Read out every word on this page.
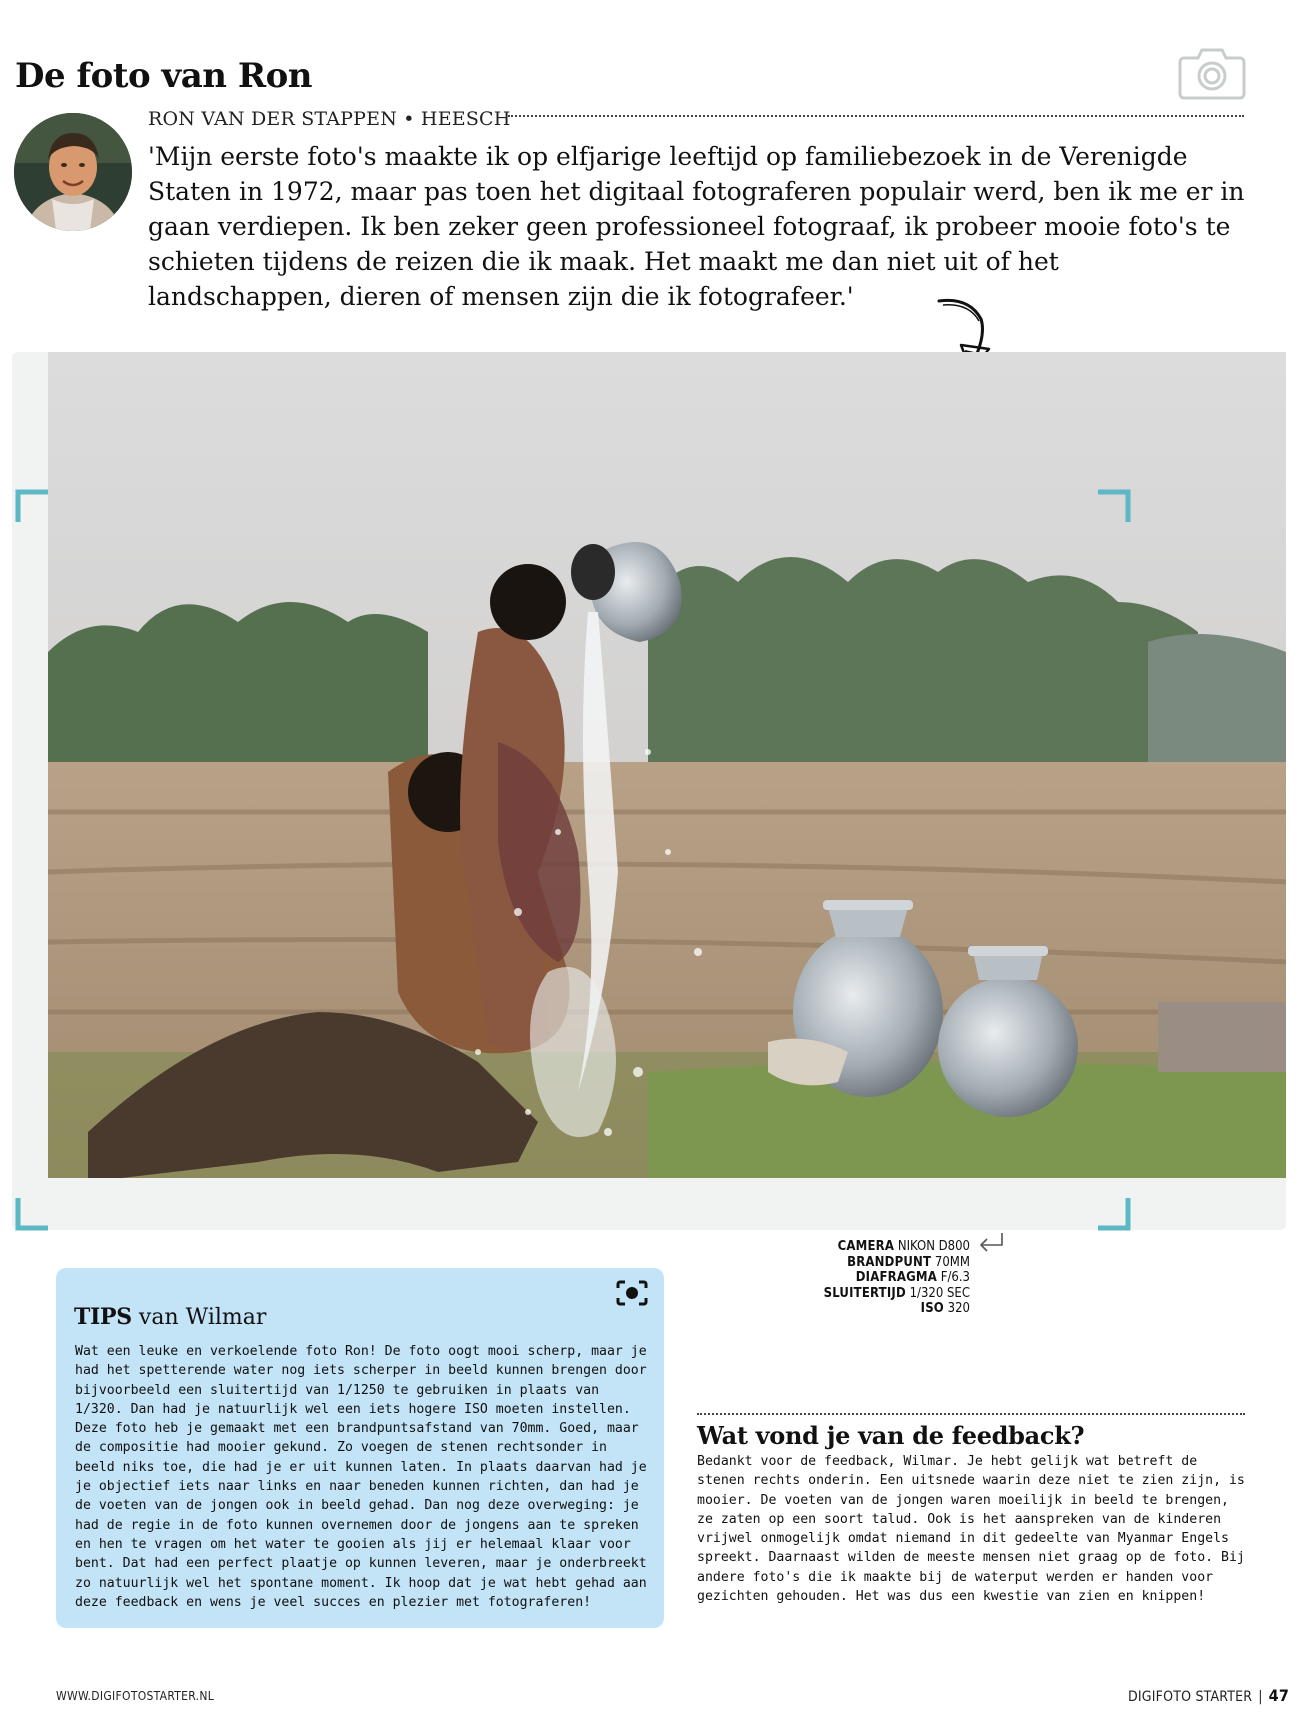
De foto van Ron
RON VAN DER STAPPEN • HEESCH

'Mijn eerste foto's maakte ik op elfjarige leeftijd op familiebezoek in de Verenigde Staten in 1972, maar pas toen het digitaal fotograferen populair werd, ben ik me er in gaan verdiepen. Ik ben zeker geen professioneel fotograaf, ik probeer mooie foto's te schieten tijdens de reizen die ik maak. Het maakt me dan niet uit of het landschappen, dieren of mensen zijn die ik fotografeer.'

CAMERA NIKON D800
BRANDPUNT 70MM
DIAFRAGMA F/6.3
SLUITERTIJD 1/320 SEC
ISO 320
TIPS van Wilmar

Wat een leuke en verkoelende foto Ron! De foto oogt mooi scherp, maar je had het spetterende water nog iets scherper in beeld kunnen brengen door bijvoorbeeld een sluitertijd van 1/1250 te gebruiken in plaats van 1/320. Dan had je natuurlijk wel een iets hogere ISO moeten instellen. Deze foto heb je gemaakt met een brandpuntsafstand van 70mm. Goed, maar de compositie had mooier gekund. Zo voegen de stenen rechtsonder in beeld niks toe, die had je er uit kunnen laten. In plaats daarvan had je je objectief iets naar links en naar beneden kunnen richten, dan had je de voeten van de jongen ook in beeld gehad. Dan nog deze overweging: je had de regie in de foto kunnen overnemen door de jongens aan te spreken en hen te vragen om het water te gooien als jij er helemaal klaar voor bent. Dat had een perfect plaatje op kunnen leveren, maar je onderbreekt zo natuurlijk wel het spontane moment. Ik hoop dat je wat hebt gehad aan deze feedback en wens je veel succes en plezier met fotograferen!

Wat vond je van de feedback?

Bedankt voor de feedback, Wilmar. Je hebt gelijk wat betreft de stenen rechts onderin. Een uitsnede waarin deze niet te zien zijn, is mooier. De voeten van de jongen waren moeilijk in beeld te brengen, ze zaten op een soort talud. Ook is het aanspreken van de kinderen vrijwel onmogelijk omdat niemand in dit gedeelte van Myanmar Engels spreekt. Daarnaast wilden de meeste mensen niet graag op de foto. Bij andere foto's die ik maakte bij de waterput werden er handen voor gezichten gehouden. Het was dus een kwestie van zien en knippen!

WWW.DIGIFOTOSTARTER.NL	DIGIFOTO STARTER | 47
